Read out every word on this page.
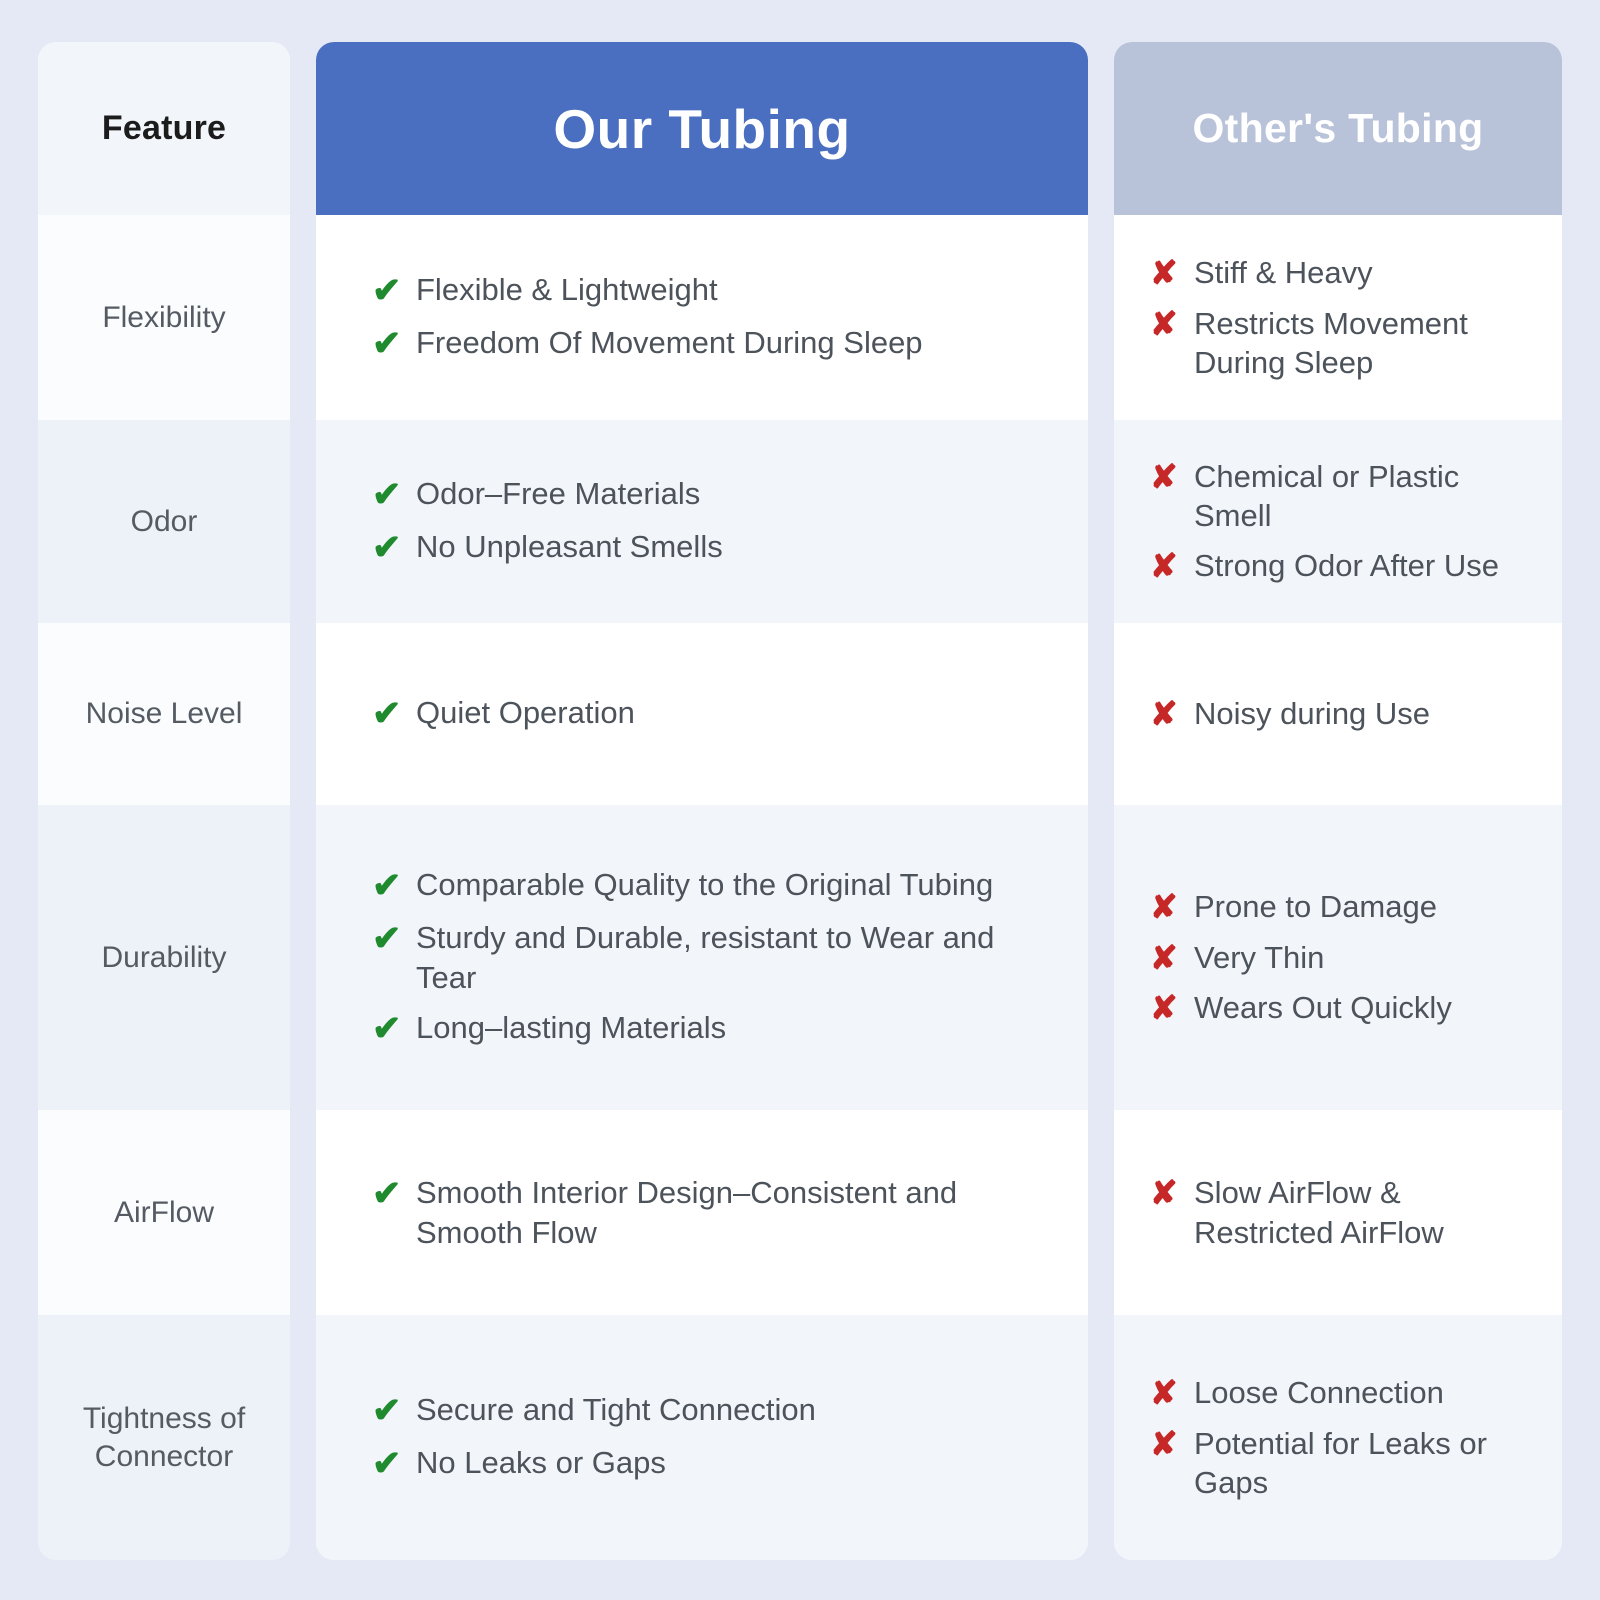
Feature
Flexibility
Odor
Noise Level
Durability
AirFlow
Tightness of Connector
Our Tubing
✔ Flexible & Lightweight
✔ Freedom Of Movement During Sleep
✔ Odor–Free Materials
✔ No Unpleasant Smells
✔ Quiet Operation
✔ Comparable Quality to the Original Tubing
✔ Sturdy and Durable, resistant to Wear and Tear
✔ Long–lasting Materials
✔ Smooth Interior Design–Consistent and Smooth Flow
✔ Secure and Tight Connection
✔ No Leaks or Gaps
Other's Tubing
✘ Stiff & Heavy
✘ Restricts Movement During Sleep
✘ Chemical or Plastic Smell
✘ Strong Odor After Use
✘ Noisy during Use
✘ Prone to Damage
✘ Very Thin
✘ Wears Out Quickly
✘ Slow AirFlow & Restricted AirFlow
✘ Loose Connection
✘ Potential for Leaks or Gaps
